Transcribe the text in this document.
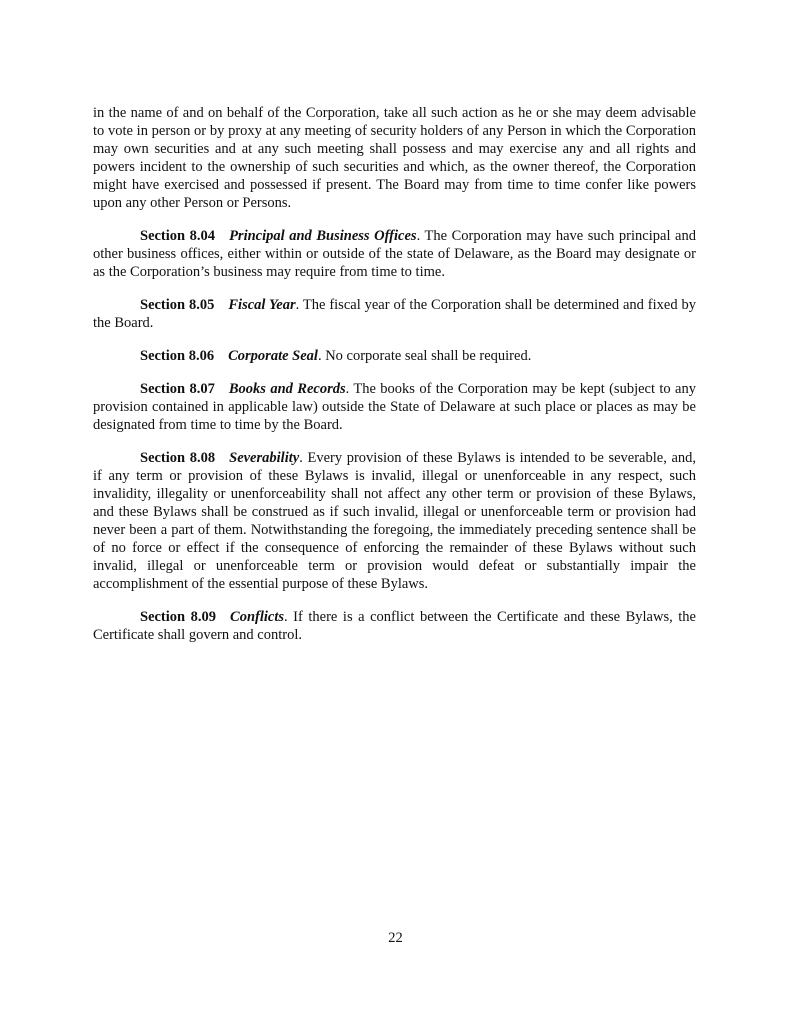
in the name of and on behalf of the Corporation, take all such action as he or she may deem advisable to vote in person or by proxy at any meeting of security holders of any Person in which the Corporation may own securities and at any such meeting shall possess and may exercise any and all rights and powers incident to the ownership of such securities and which, as the owner thereof, the Corporation might have exercised and possessed if present. The Board may from time to time confer like powers upon any other Person or Persons.

Section 8.04 Principal and Business Offices. The Corporation may have such principal and other business offices, either within or outside of the state of Delaware, as the Board may designate or as the Corporation’s business may require from time to time.

Section 8.05 Fiscal Year. The fiscal year of the Corporation shall be determined and fixed by the Board.

Section 8.06 Corporate Seal. No corporate seal shall be required.

Section 8.07 Books and Records. The books of the Corporation may be kept (subject to any provision contained in applicable law) outside the State of Delaware at such place or places as may be designated from time to time by the Board.

Section 8.08 Severability. Every provision of these Bylaws is intended to be severable, and, if any term or provision of these Bylaws is invalid, illegal or unenforceable in any respect, such invalidity, illegality or unenforceability shall not affect any other term or provision of these Bylaws, and these Bylaws shall be construed as if such invalid, illegal or unenforceable term or provision had never been a part of them. Notwithstanding the foregoing, the immediately preceding sentence shall be of no force or effect if the consequence of enforcing the remainder of these Bylaws without such invalid, illegal or unenforceable term or provision would defeat or substantially impair the accomplishment of the essential purpose of these Bylaws.

Section 8.09 Conflicts. If there is a conflict between the Certificate and these Bylaws, the Certificate shall govern and control.

22
